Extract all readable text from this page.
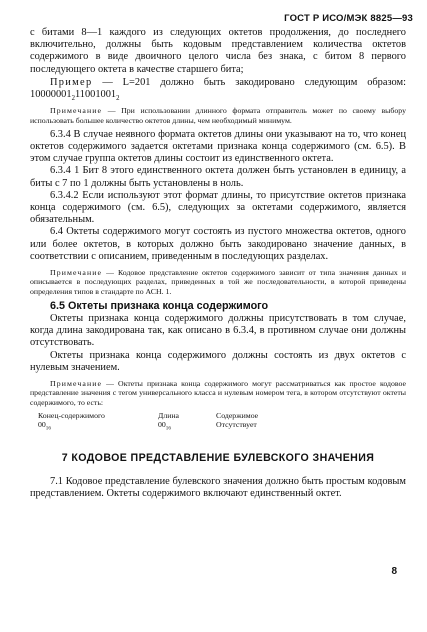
ГОСТ Р ИСО/МЭК 8825—93

с битами 8—1 каждого из следующих октетов продолжения, до последнего включительно, должны быть кодовым представлением количества октетов содержимого в виде двоичного целого числа без знака, с битом 8 первого последующего октета в качестве старшего бита;

Пример — L=201 должно быть закодировано следующим образом: $10000001_211001001_2$

Примечание — При использовании длинного формата отправитель может по своему выбору использовать большее количество октетов длины, чем необходимый минимум.

6.3.4 В случае неявного формата октетов длины они указывают на то, что конец октетов содержимого задается октетами признака конца содержимого (см. 6.5). В этом случае группа октетов длины состоит из единственного октета.

6.3.4 1 Бит 8 этого единственного октета должен быть установлен в единицу, а биты с 7 по 1 должны быть установлены в ноль.

6.3.4.2 Если используют этот формат длины, то присутствие октетов признака конца содержимого (см. 6.5), следующих за октетами содержимого, является обязательным.

6.4 Октеты содержимого могут состоять из пустого множества октетов, одного или более октетов, в которых должно быть закодировано значение данных, в соответствии с описанием, приведенным в последующих разделах.

Примечание — Кодовое представление октетов содержимого зависит от типа значения данных и описывается в последующих разделах, приведенных в той же последовательности, в которой приведены определения типов в стандарте по АСН. 1.

6.5 Октеты признака конца содержимого

Октеты признака конца содержимого должны присутствовать в том случае, когда длина закодирована так, как описано в 6.3.4, в противном случае они должны отсутствовать.

Октеты признака конца содержимого должны состоять из двух октетов с нулевым значением.

Примечание — Октеты признака конца содержимого могут рассматриваться как простое кодовое представление значения с тегом универсального класса и нулевым номером тега, в котором отсутствуют октеты содержимого, то есть:

Конец-содержимого	Длина	Содержимое
$00_{16}$	$00_{16}$	Отсутствует
7 КОДОВОЕ ПРЕДСТАВЛЕНИЕ БУЛЕВСКОГО ЗНАЧЕНИЯ

7.1 Кодовое представление булевского значения должно быть простым кодовым представлением. Октеты содержимого включают единственный октет.

8
